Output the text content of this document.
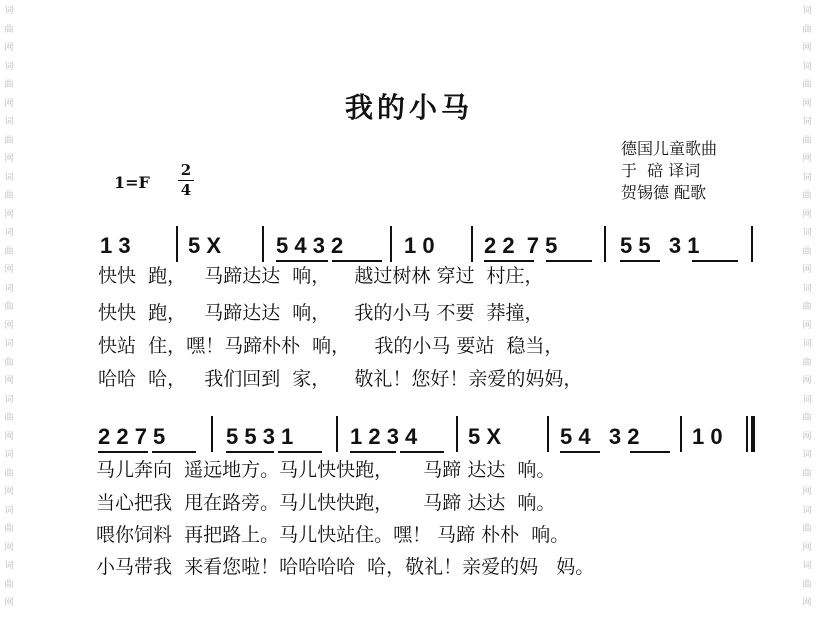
词
曲
网
词
曲
网
词
曲
网
词
曲
网
词
曲
网
词
曲
网
词
曲
网
词
曲
网
词
曲
网
词
曲
网
词
曲
网
词
曲
网
词
曲
网
词
曲
网
词
曲
网
词
曲
网
词
曲
网
词
曲
网
词
曲
网
词
曲
网
词
曲
网
词
曲
网
我的小马
德国儿童歌曲
于  碚 译词
贺锡德 配歌
1=F
2
4
1 3	5 X 5 4 3 2	1 0 2 2  7 5	5 5   3 1
快快  跑，   马蹄达达  响，    越过树林 穿过  村庄，
快快  跑，   马蹄达达  响，    我的小马 不要  莽撞，
快站  住，嘿！马蹄朴朴  响，    我的小马 要站  稳当，
哈哈  哈，   我们回到  家，    敬礼！您好！亲爱的妈妈，
2 2 7 5	5 5 3 1	1 2 3 4 5 X	5 4   3 2 1 0
马儿奔向  遥远地方。马儿快快跑，     马蹄 达达  响。
当心把我  甩在路旁。马儿快快跑，     马蹄 达达  响。
喂你饲料  再把路上。马儿快站住。嘿！ 马蹄 朴朴  响。
小马带我  来看您啦！哈哈哈哈  哈，敬礼！亲爱的妈   妈。
